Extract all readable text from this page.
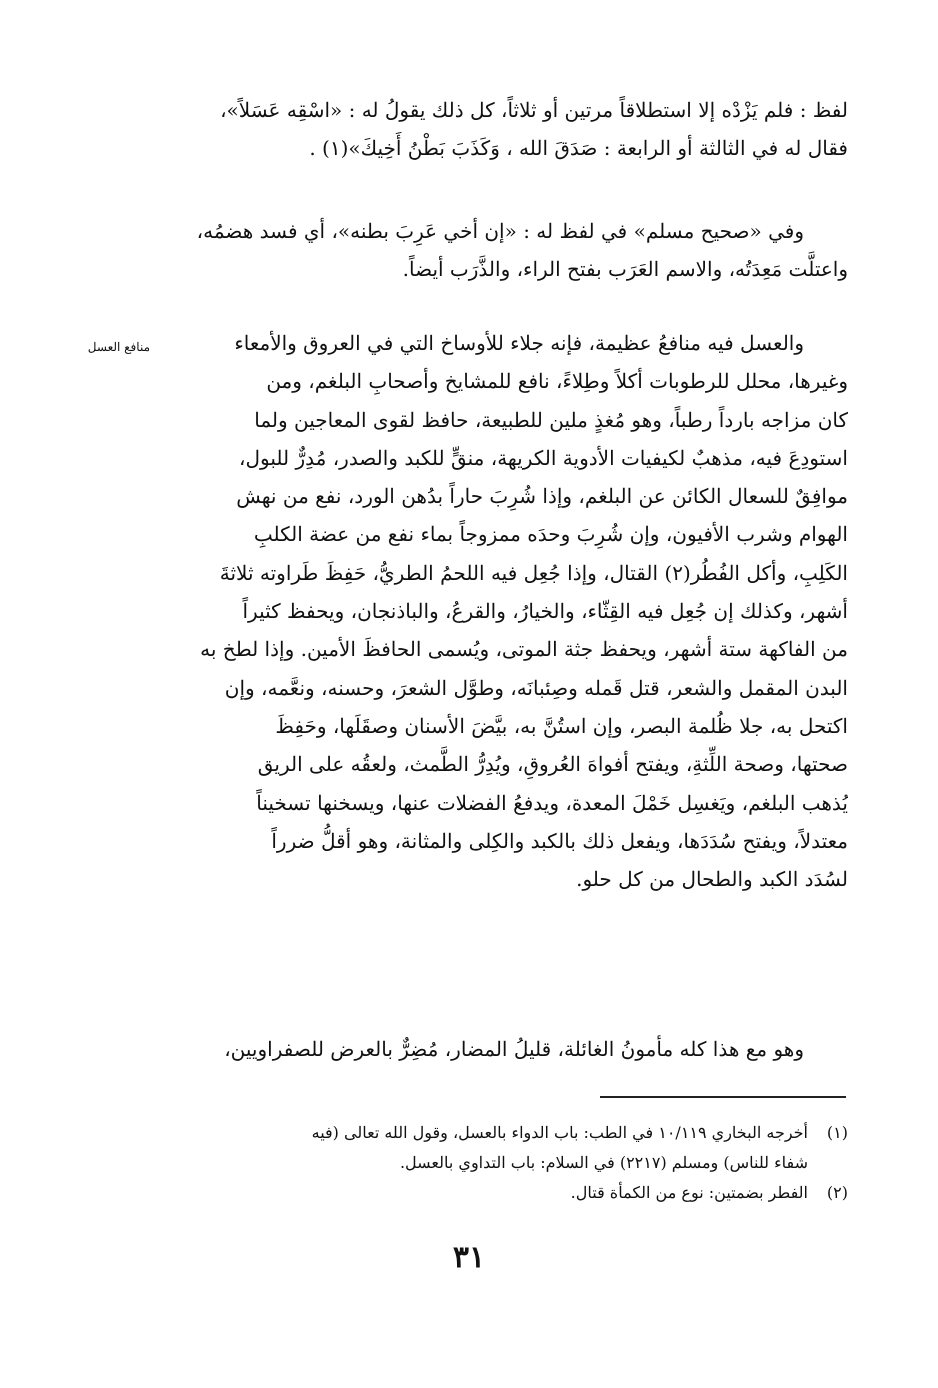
منافع العسل
لفظ : فلم يَزْدْه إلا استطلاقاً مرتين أو ثلاثاً، كل ذلك يقولُ له : «اسْقِه عَسَلاً»،
فقال له في الثالثة أو الرابعة : صَدَقَ الله ، وَكَذَبَ بَطْنُ أَخِيكَ»(١) .
وفي «صحيح مسلم» في لفظ له : «إن أخي عَرِبَ بطنه»، أي فسد هضمُه،
واعتلَّت مَعِدَتُه، والاسم العَرَب بفتح الراء، والذَّرَب أيضاً.
والعسل فيه منافعُ عظيمة، فإنه جلاء للأوساخ التي في العروق والأمعاء
وغيرها، محلل للرطوبات أكلاً وطِلاءً، نافع للمشايخ وأصحابِ البلغم، ومن
كان مزاجه بارداً رطباً، وهو مُغذٍ ملين للطبيعة، حافظ لقوى المعاجين ولما
استودِعَ فيه، مذهبٌ لكيفيات الأدوية الكريهة، منقٍّ للكبد والصدر، مُدِرٌّ للبول،
موافِقٌ للسعال الكائن عن البلغم، وإذا شُرِبَ حاراً بدُهن الورد، نفع من نهش
الهوام وشرب الأفيون، وإن شُرِبَ وحدَه ممزوجاً بماء نفع من عضة الكلبِ
الكَلِبِ، وأكل الفُطُر(٢) القتال، وإذا جُعِل فيه اللحمُ الطريُّ، حَفِظَ طَراوته ثلاثةَ
أشهر، وكذلك إن جُعِل فيه القِثّاء، والخيارُ، والقرعُ، والباذنجان، ويحفظ كثيراً
من الفاكهة ستة أشهر، ويحفظ جثة الموتى، ويُسمى الحافظَ الأمين. وإذا لطخ به
البدن المقمل والشعر، قتل قَمله وصِئبانَه، وطوَّل الشعرَ، وحسنه، ونعَّمه، وإن
اكتحل به، جلا ظُلمة البصر، وإن استُنَّ به، بيَّضَ الأسنان وصقَلَها، وحَفِظَ
صحتها، وصحة اللِّثةِ، ويفتح أفواهَ العُروقِ، ويُدِرُّ الطَّمث، ولعقُه على الريق
يُذهب البلغم، ويَغسِل خَمْلَ المعدة، ويدفعُ الفضلات عنها، ويسخنها تسخيناً
معتدلاً، ويفتح سُدَدَها، ويفعل ذلك بالكبد والكِلى والمثانة، وهو أقلُّ ضرراً
لسُدَد الكبد والطحال من كل حلو.
وهو مع هذا كله مأمونُ الغائلة، قليلُ المضار، مُضِرٌّ بالعرض للصفراويين،
(١)أخرجه البخاري ١٠/١١٩ في الطب: باب الدواء بالعسل، وقول الله تعالى (فيه
شفاء للناس) ومسلم (٢٢١٧) في السلام: باب التداوي بالعسل.
(٢)الفطر بضمتين: نوع من الكمأة قتال.
٣١
